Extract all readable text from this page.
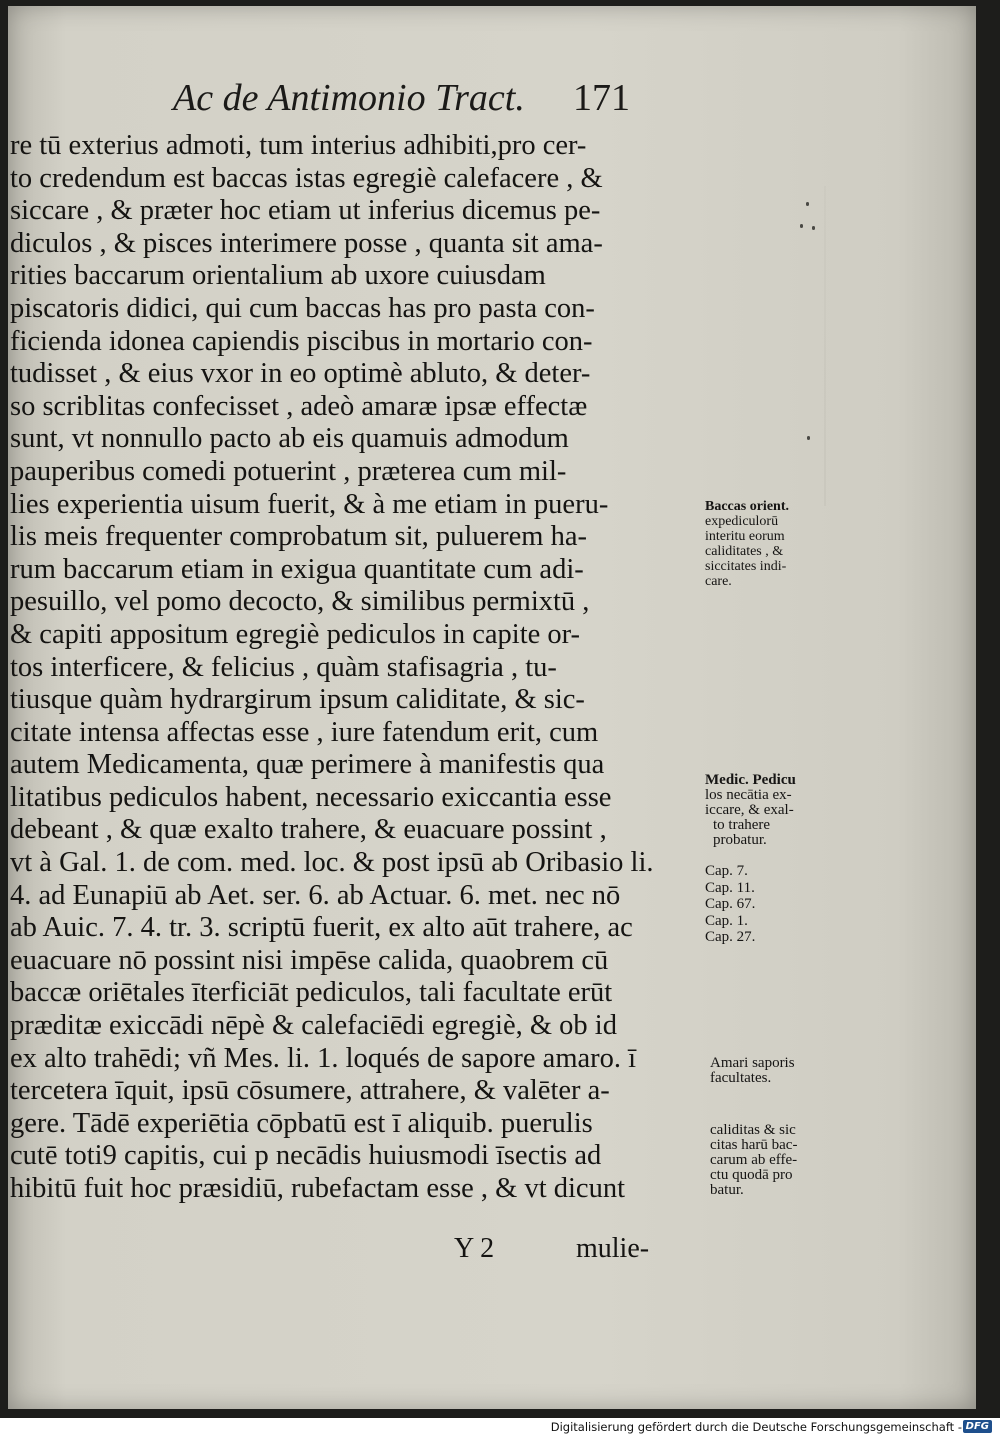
Ac de Antimonio Tract. 171
re tū exterius admoti, tum interius adhibiti,pro cer-
to credendum est baccas istas egregiè calefacere , &
siccare , & præter hoc etiam ut inferius dicemus pe-
diculos , & pisces interimere posse , quanta sit ama-
rities baccarum orientalium ab uxore cuiusdam
piscatoris didici, qui cum baccas has pro pasta con-
ficienda idonea capiendis piscibus in mortario con-
tudisset , & eius vxor in eo optimè abluto, & deter-
so scriblitas confecisset , adeò amaræ ipsæ effectæ
sunt, vt nonnullo pacto ab eis quamuis admodum
pauperibus comedi potuerint , præterea cum mil-
lies experientia uisum fuerit, & à me etiam in pueru-
lis meis frequenter comprobatum sit, puluerem ha-
rum baccarum etiam in exigua quantitate cum adi-
pesuillo, vel pomo decocto, & similibus permixtū ,
& capiti appositum egregiè pediculos in capite or-
tos interficere, & felicius , quàm stafisagria , tu-
tiusque quàm hydrargirum ipsum caliditate, & sic-
citate intensa affectas esse , iure fatendum erit, cum
autem Medicamenta, quæ perimere à manifestis qua
litatibus pediculos habent, necessario exiccantia esse
debeant , & quæ exalto trahere, & euacuare possint ,
vt à Gal. 1. de com. med. loc. & post ipsū ab Oribasio li.
4. ad Eunapiū ab Aet. ser. 6. ab Actuar. 6. met. nec nō
ab Auic. 7. 4. tr. 3. scriptū fuerit, ex alto aūt trahere, ac
euacuare nō possint nisi impēse calida, quaobrem cū
baccæ oriētales īterficiāt pediculos, tali facultate erūt
præditæ exiccādi nēpè & calefaciēdi egregiè, & ob id
ex alto trahēdi; vñ Mes. li. 1. loqués de sapore amaro. ī
tercetera īquit, ipsū cōsumere, attrahere, & valēter a-
gere. Tādē experiētia cōpbatū est ī aliquib. puerulis
cutē toti9 capitis, cui p necādis huiusmodi īsectis ad
hibitū fuit hoc præsidiū, rubefactam esse , & vt dicunt
Baccas orient.
expediculorū
interitu eorum
caliditates , &
siccitates indi-
care.
Medic. Pedicu
los necātia ex-
iccare, & exal-
to trahere
probatur.
Cap. 7.
Cap. 11.
Cap. 67.
Cap. 1.
Cap. 27.
Amari saporis
facultates.
caliditas & sic
citas harū bac-
carum ab effe-
ctu quodā pro
batur.
Y 2	mulie-
Digitalisierung gefördert durch die Deutsche Forschungsgemeinschaft - DFG
